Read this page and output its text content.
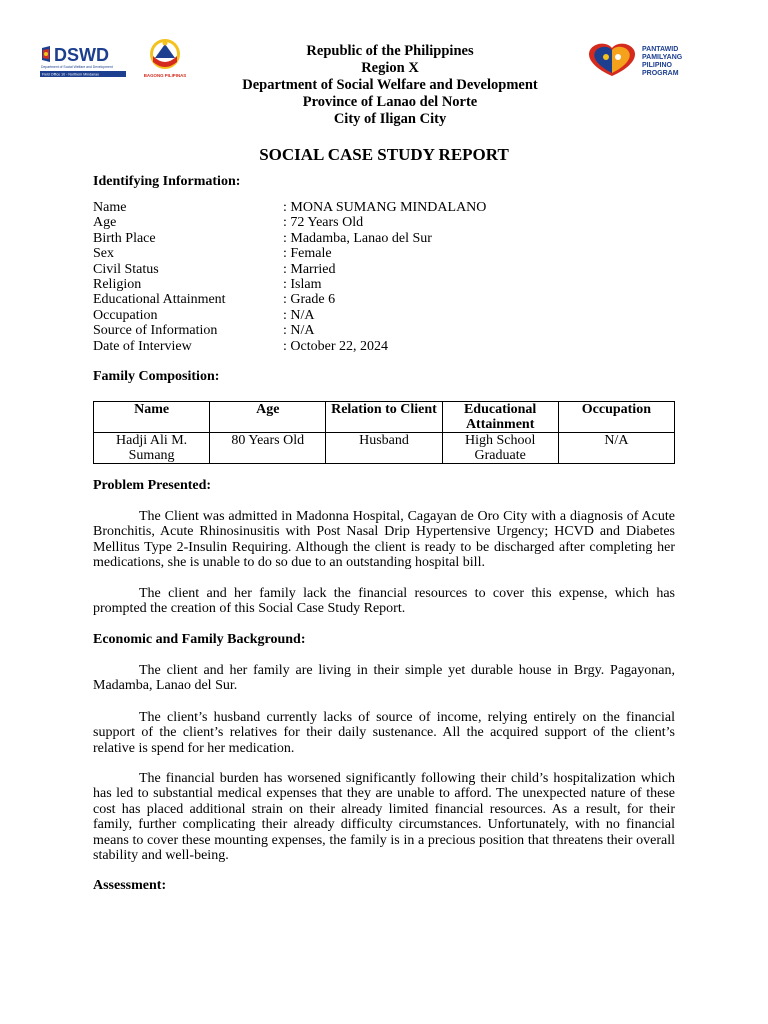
DSWD
Department of Social Welfare and Development
Field Office 10 - Northern Mindanao	BAGONG PILIPINAS
Republic of the Philippines
Region X
Department of Social Welfare and Development
Province of Lanao del Norte
City of Iligan City
PANTAWID
PAMILYANG
PILIPINO
PROGRAM
SOCIAL CASE STUDY REPORT
Identifying Information:
Name	: MONA SUMANG MINDALANO
Age	: 72 Years Old
Birth Place	: Madamba, Lanao del Sur
Sex	: Female
Civil Status	: Married
Religion	: Islam
Educational Attainment	: Grade 6
Occupation	: N/A
Source of Information	: N/A
Date of Interview	: October 22, 2024
Family Composition:
Name	Age	Relation to Client	Educational Attainment	Occupation
Hadji Ali M. Sumang	80 Years Old	Husband	High School Graduate	N/A
Problem Presented:

The Client was admitted in Madonna Hospital, Cagayan de Oro City with a diagnosis of Acute Bronchitis, Acute Rhinosinusitis with Post Nasal Drip Hypertensive Urgency; HCVD and Diabetes Mellitus Type 2-Insulin Requiring. Although the client is ready to be discharged after completing her medications, she is unable to do so due to an outstanding hospital bill.

The client and her family lack the financial resources to cover this expense, which has prompted the creation of this Social Case Study Report.

Economic and Family Background:

The client and her family are living in their simple yet durable house in Brgy. Pagayonan, Madamba, Lanao del Sur.

The client’s husband currently lacks of source of income, relying entirely on the financial support of the client’s relatives for their daily sustenance. All the acquired support of the client’s relative is spend for her medication.

The financial burden has worsened significantly following their child’s hospitalization which has led to substantial medical expenses that they are unable to afford. The unexpected nature of these cost has placed additional strain on their already limited financial resources. As a result, for their family, further complicating their already difficulty circumstances. Unfortunately, with no financial means to cover these mounting expenses, the family is in a precious position that threatens their overall stability and well-being.

Assessment:
